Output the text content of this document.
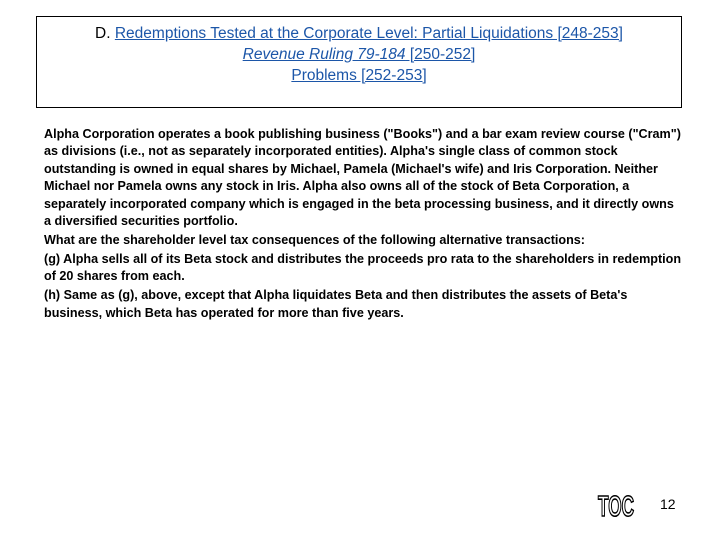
D. Redemptions Tested at the Corporate Level: Partial Liquidations [248-253]
Revenue Ruling 79-184 [250-252]
Problems [252-253]

Alpha Corporation operates a book publishing business ("Books") and a bar exam review course ("Cram") as divisions (i.e., not as separately incorporated entities). Alpha's single class of common stock outstanding is owned in equal shares by Michael, Pamela (Michael's wife) and Iris Corporation. Neither Michael nor Pamela owns any stock in Iris. Alpha also owns all of the stock of Beta Corporation, a separately incorporated company which is engaged in the beta processing business, and it directly owns a diversified securities portfolio.

What are the shareholder level tax consequences of the following alternative transactions:

(g) Alpha sells all of its Beta stock and distributes the proceeds pro rata to the shareholders in redemption of 20 shares from each.

(h) Same as (g), above, except that Alpha liquidates Beta and then distributes the assets of Beta's business, which Beta has operated for more than five years.

TOC 12
